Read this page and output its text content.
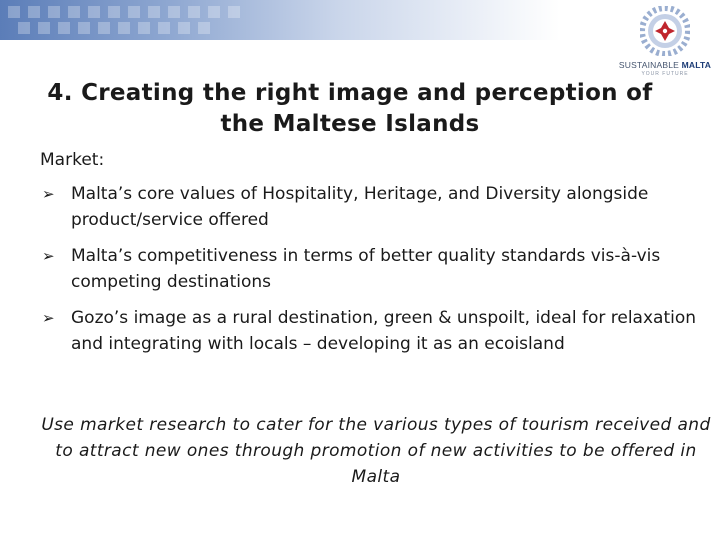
SUSTAINABLE MALTA
YOUR FUTURE
4. Creating the right image and perception of the Maltese Islands
Market:
➢ Malta’s core values of Hospitality, Heritage, and Diversity alongside product/service offered
➢ Malta’s competitiveness in terms of better quality standards vis-à-vis competing destinations
➢ Gozo’s image as a rural destination, green & unspoilt, ideal for relaxation and integrating with locals – developing it as an ecoisland
Use market research to cater for the various types of tourism received and to attract new ones through promotion of new activities to be offered in Malta
